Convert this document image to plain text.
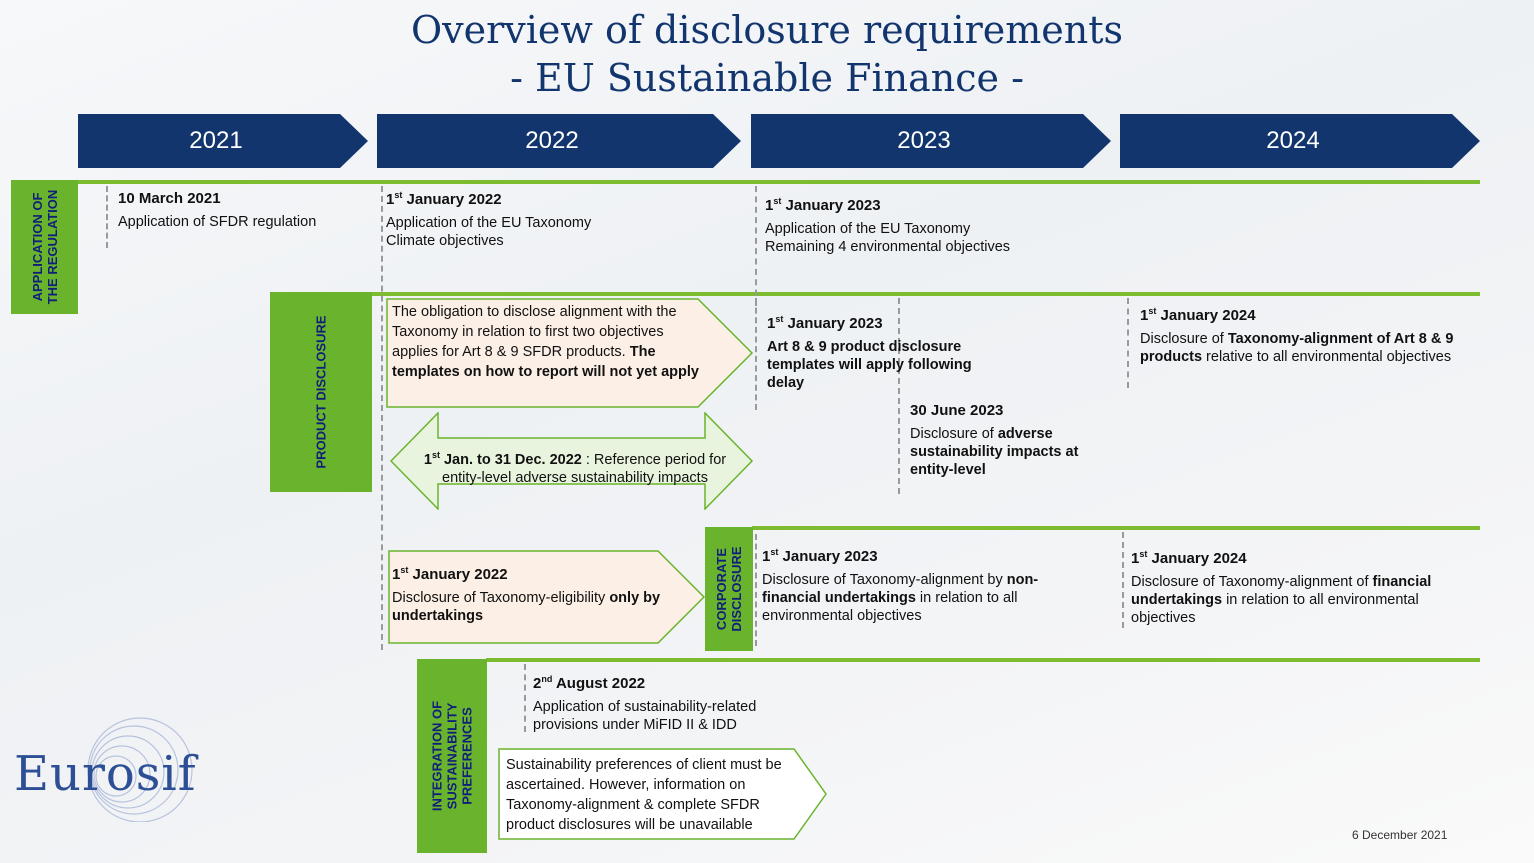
Overview of disclosure requirements
- EU Sustainable Finance -
2021	2022	2023	2024
APPLICATION OF THE REGULATION
PRODUCT DISCLOSURE
CORPORATE DISCLOSURE
INTEGRATION OF SUSTAINABILITY PREFERENCES
10 March 2021
Application of SFDR regulation
1st January 2022
Application of the EU Taxonomy
Climate objectives
1st January 2023
Application of the EU Taxonomy
Remaining 4 environmental objectives
The obligation to disclose alignment with the Taxonomy in relation to first two objectives applies for Art 8 & 9 SFDR products. The templates on how to report will not yet apply
1st Jan. to 31 Dec. 2022 : Reference period for entity-level adverse sustainability impacts
1st January 2023
Art 8 & 9 product disclosure templates will apply following delay
30 June 2023
Disclosure of adverse sustainability impacts at entity-level
1st January 2024
Disclosure of Taxonomy-alignment of Art 8 & 9 products relative to all environmental objectives
1st January 2022
Disclosure of Taxonomy-eligibility only by undertakings
1st January 2023
Disclosure of Taxonomy-alignment by non-financial undertakings in relation to all environmental objectives
1st January 2024
Disclosure of Taxonomy-alignment of financial undertakings in relation to all environmental objectives
2nd August 2022
Application of sustainability-related
provisions under MiFID II & IDD
Sustainability preferences of client must be ascertained. However, information on Taxonomy-alignment & complete SFDR product disclosures will be unavailable
Eurosif
6 December 2021
